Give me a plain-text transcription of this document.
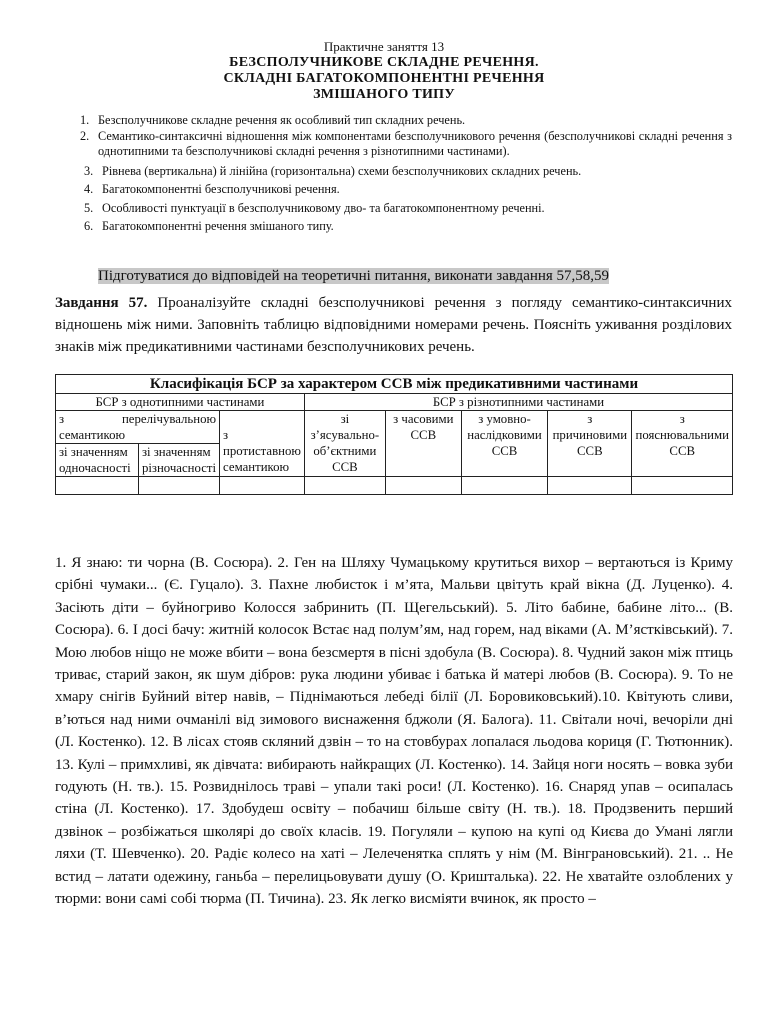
Практичне заняття 13
БЕЗСПОЛУЧНИКОВЕ СКЛАДНЕ РЕЧЕННЯ.
СКЛАДНІ БАГАТОКОМПОНЕНТНІ РЕЧЕННЯ
ЗМІШАНОГО ТИПУ
1. Безсполучникове складне речення як особливий тип складних речень.
2. Семантико-синтаксичні відношення між компонентами безсполучникового речення (безсполучникові складні речення з однотипними та безсполучникові складні речення з різнотипними частинами).
3. Рівнева (вертикальна) й лінійна (горизонтальна) схеми безсполучникових складних речень.
4. Багатокомпонентні безсполучникові речення.
5. Особливості пунктуації в безсполучниковому дво- та багатокомпонентному реченні.
6. Багатокомпонентні речення змішаного типу.
Підготуватися до відповідей на теоретичні питання, виконати завдання 57,58,59
Завдання 57. Проаналізуйте складні безсполучникові речення з погляду семантико-синтаксичних відношень між ними. Заповніть таблицю відповідними номерами речень. Поясніть уживання розділових знаків між предикативними частинами безсполучникових речень.
Класифікація БСР за характером ССВ між предикативними частинами							
БСР з однотипними частинами			БСР з різнотипними частинами				
з перелічувальною семантикою		з протиставною семантикою	зі з’ясувально-об’єктними ССВ	з часовими ССВ	з умовно-наслідковими ССВ	з причиновими ССВ	з пояснювальними ССВ
зі значенням одночасності	зі значенням різночасності						

1. Я знаю: ти чорна (В. Сосюра). 2. Ген на Шляху Чумацькому крутиться вихор – вертаються із Криму срібні чумаки... (Є. Гуцало). 3. Пахне любисток і м’ята, Мальви цвітуть край вікна (Д. Луценко). 4. Засіють діти – буйногриво Колосся забринить (П. Щегельський). 5. Літо бабине, бабине літо... (В. Сосюра). 6. І досі бачу: житній колосок Встає над полум’ям, над горем, над віками (А. М’ястківський). 7. Мою любов ніщо не може вбити – вона безсмертя в пісні здобула (В. Сосюра). 8. Чудний закон між птиць триває, старий закон, як шум дібров: рука людини убиває і батька й матері любов (В. Сосюра). 9. То не хмару снігів Буйний вітер навів, – Піднімаються лебеді білії (Л. Боровиковський).10. Квітують сливи, в’ються над ними очманілі від зимового виснаження бджоли (Я. Балога). 11. Світали ночі, вечоріли дні (Л. Костенко). 12. В лісах стояв скляний дзвін – то на стовбурах лопалася льодова кориця (Г. Тютюнник). 13. Кулі – примхливі, як дівчата: вибирають найкращих (Л. Костенко). 14. Зайця ноги носять – вовка зуби годують (Н. тв.). 15. Розвиднілось траві – упали такі роси! (Л. Костенко). 16. Снаряд упав – осипалась стіна (Л. Костенко). 17. Здобудеш освіту – побачиш більше світу (Н. тв.). 18. Продзвенить перший дзвінок – розбіжаться школярі до своїх класів. 19. Погуляли – купою на купі од Києва до Умані лягли ляхи (Т. Шевченко). 20. Радіє колесо на хаті – Лелеченятка сплять у нім (М. Вінграновський). 21. .. Не встид – латати одежину, ганьба – перелицьовувати душу (О. Кришталька). 22. Не хватайте озлоблених у тюрми: вони самі собі тюрма (П. Тичина). 23. Як легко висміяти вчинок, як просто –
